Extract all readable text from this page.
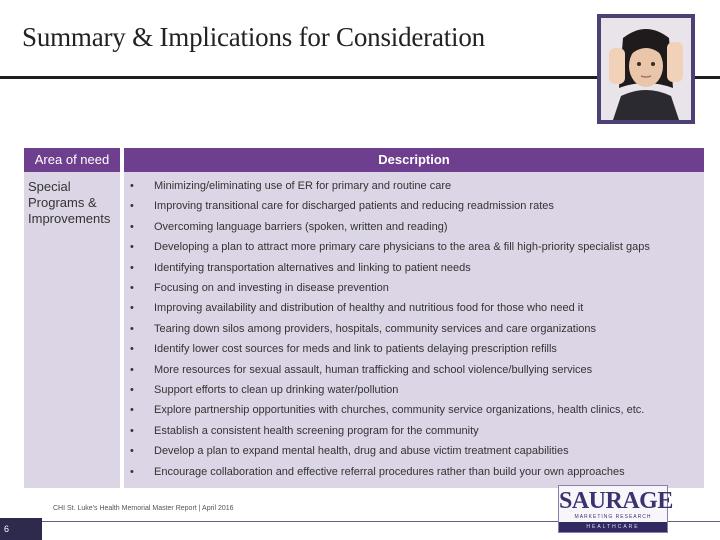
Summary & Implications for Consideration
Area of need	Description
Special Programs & Improvements
• Minimizing/eliminating use of ER for primary and routine care
• Improving transitional care for discharged patients and reducing readmission rates
• Overcoming language barriers (spoken, written and reading)
• Developing a plan to attract more primary care physicians to the area & fill high-priority specialist gaps
• Identifying transportation alternatives and linking to patient needs
• Focusing on and investing in disease prevention
• Improving availability and distribution of healthy and nutritious food for those who need it
• Tearing down silos among providers, hospitals, community services and care organizations
• Identify lower cost sources for meds and link to patients delaying prescription refills
• More resources for sexual assault, human trafficking and school violence/bullying services
• Support efforts to clean up drinking water/pollution
• Explore partnership opportunities with churches, community service organizations, health clinics, etc.
• Establish a consistent health screening program for the community
• Develop a plan to expand mental health, drug and abuse victim treatment capabilities
• Encourage collaboration and effective referral procedures rather than build your own approaches
CHI St. Luke's Health Memorial Master Report | April 2016
6
SAURAGE
MARKETING RESEARCH
HEALTHCARE
